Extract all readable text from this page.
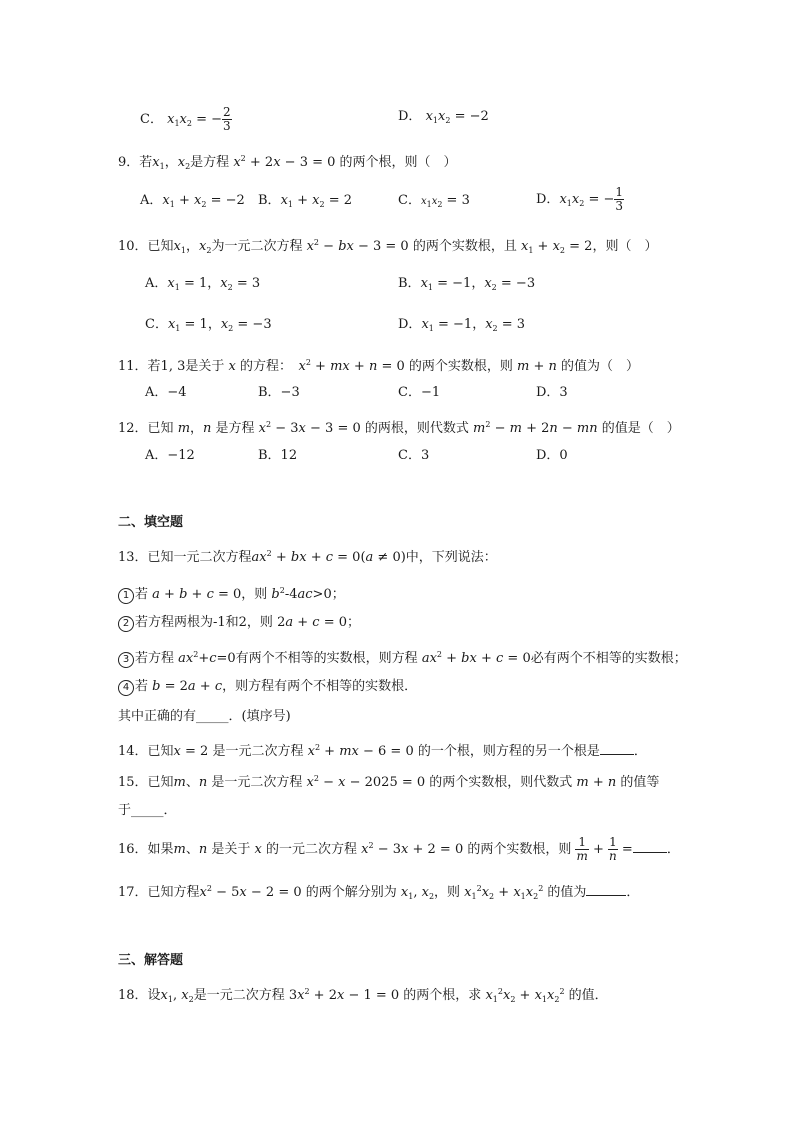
C． $x_1x_2$ = − $\frac{2}{3}$	D． $x_1x_2 = -2$
9．若$x_1$，$x_2$是方程 $x^2 + 2x - 3 = 0$ 的两个根，则（　）
A．$x_1 + x_2 = -2$ B．$x_1 + x_2 = 2$	C．$x_1x_2 = 3$	D．$x_1x_2$ = − $\frac{1}{3}$
10．已知$x_1$，$x_2$为一元二次方程 $x^2$ − bx − 3 = 0 的两个实数根，且 $x_1 + x_2 = 2$，则（　）
A．$x_1 = 1$，$x_2 = 3$	B．$x_1 = -1$，$x_2 = -3$
C．$x_1 = 1$，$x_2 = -3$	D．$x_1 = -1$，$x_2 = 3$
11．若1, 3是关于 x 的方程：　$x^2$ + mx + n = 0 的两个实数根，则 m + n 的值为（　）
A．−4	B．−3	C．−1	D．3
12．已知 m，n 是方程 $x^2 - 3x - 3 = 0$ 的两根，则代数式 $m^2 - m + 2n$ − mn 的值是（　）
A．−12	B．12	C．3	D．0
二、填空题
13．已知一元二次方程$ax^2$ + bx + c = 0(a ≠ 0)中，下列说法：
1 若 a + b + c = 0，则 $b^2-4ac>0$；
2 若方程两根为-1和2，则 2a + c = 0；
3 若方程 $ax^2+c=0$有两个不相等的实数根，则方程 $ax^2$ + bx + c = 0必有两个不相等的实数根；
4 若 b = 2a + c，则方程有两个不相等的实数根．
其中正确的有_____．(填序号)
14．已知x = 2 是一元二次方程 $x^2$ + mx − 6 = 0 的一个根，则方程的另一个根是	．
15．已知m、n 是一元二次方程 $x^2 - x - 2025 = 0$ 的两个实数根，则代数式 m + n 的值等
于_____．
16．如果m、n 是关于 x 的一元二次方程 $x^2 - 3x + 2 = 0$ 的两个实数根，则 $\frac{1}{m} + \frac{1}{n}$ =	．
17．已知方程$x^2 - 5x - 2 = 0$ 的两个解分别为 $x_1$, $x_2$，则 $x_1^2x_2 + x_1x_2^2$ 的值为	．
三、解答题
18．设$x_1$, $x_2$是一元二次方程 $3x^2 + 2x - 1 = 0$ 的两个根，求 $x_1^2x_2 + x_1x_2^2$ 的值．
